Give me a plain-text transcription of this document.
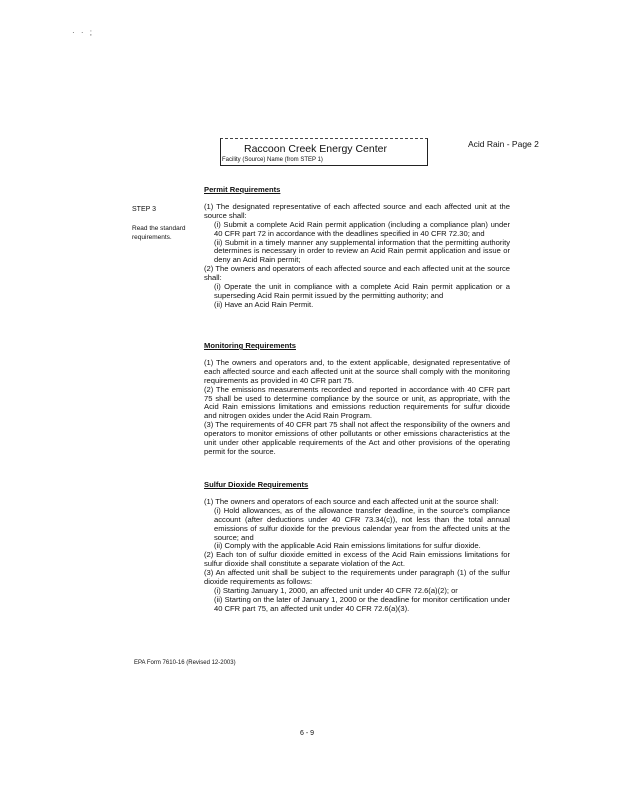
· · ;
Raccoon Creek Energy Center
Facility (Source) Name (from STEP 1)
Acid Rain - Page 2
STEP 3
Read the standard requirements.
Permit Requirements

(1) The designated representative of each affected source and each affected unit at the source shall:

(i) Submit a complete Acid Rain permit application (including a compliance plan) under 40 CFR part 72 in accordance with the deadlines specified in 40 CFR 72.30; and

(ii) Submit in a timely manner any supplemental information that the permitting authority determines is necessary in order to review an Acid Rain permit application and issue or deny an Acid Rain permit;

(2) The owners and operators of each affected source and each affected unit at the source shall:

(i) Operate the unit in compliance with a complete Acid Rain permit application or a superseding Acid Rain permit issued by the permitting authority; and

(ii) Have an Acid Rain Permit.

Monitoring Requirements

(1) The owners and operators and, to the extent applicable, designated representative of each affected source and each affected unit at the source shall comply with the monitoring requirements as provided in 40 CFR part 75.

(2) The emissions measurements recorded and reported in accordance with 40 CFR part 75 shall be used to determine compliance by the source or unit, as appropriate, with the Acid Rain emissions limitations and emissions reduction requirements for sulfur dioxide and nitrogen oxides under the Acid Rain Program.

(3) The requirements of 40 CFR part 75 shall not affect the responsibility of the owners and operators to monitor emissions of other pollutants or other emissions characteristics at the unit under other applicable requirements of the Act and other provisions of the operating permit for the source.

Sulfur Dioxide Requirements

(1) The owners and operators of each source and each affected unit at the source shall:

(i) Hold allowances, as of the allowance transfer deadline, in the source's compliance account (after deductions under 40 CFR 73.34(c)), not less than the total annual emissions of sulfur dioxide for the previous calendar year from the affected units at the source; and

(ii) Comply with the applicable Acid Rain emissions limitations for sulfur dioxide.

(2) Each ton of sulfur dioxide emitted in excess of the Acid Rain emissions limitations for sulfur dioxide shall constitute a separate violation of the Act.

(3) An affected unit shall be subject to the requirements under paragraph (1) of the sulfur dioxide requirements as follows:

(i) Starting January 1, 2000, an affected unit under 40 CFR 72.6(a)(2); or

(ii) Starting on the later of January 1, 2000 or the deadline for monitor certification under 40 CFR part 75, an affected unit under 40 CFR 72.6(a)(3).

EPA Form 7610-16 (Revised 12-2003)
6 - 9
